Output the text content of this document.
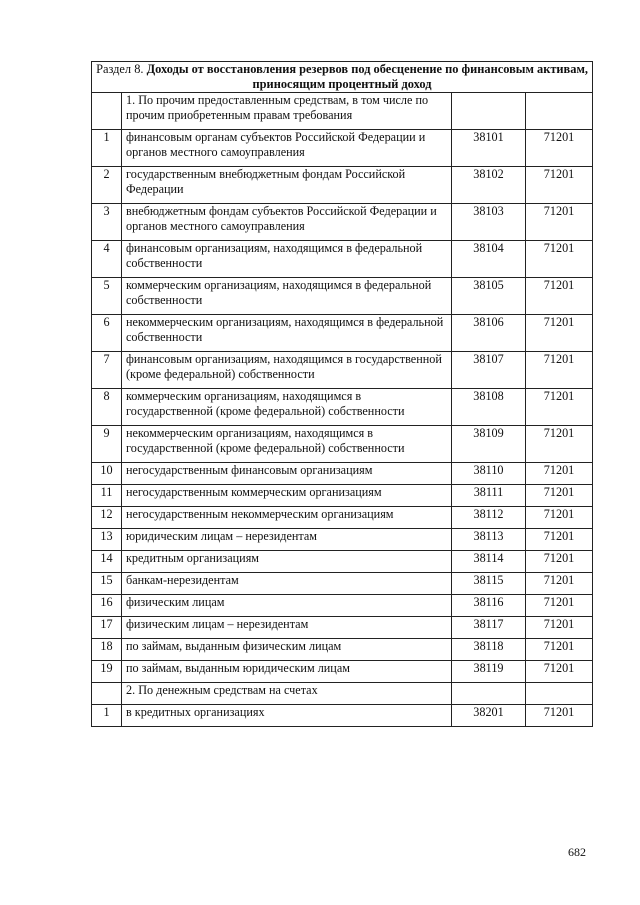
Раздел 8. Доходы от восстановления резервов под обесценение по финансовым активам, приносящим процентный доход			
	1. По прочим предоставленным средствам, в том числе по прочим приобретенным правам требования		
1	финансовым органам субъектов Российской Федерации и органов местного самоуправления	38101	71201
2	государственным внебюджетным фондам Российской Федерации	38102	71201
3	внебюджетным фондам субъектов Российской Федерации и органов местного самоуправления	38103	71201
4	финансовым организациям, находящимся в федеральной собственности	38104	71201
5	коммерческим организациям, находящимся в федеральной собственности	38105	71201
6	некоммерческим организациям, находящимся в федеральной собственности	38106	71201
7	финансовым организациям, находящимся в государственной (кроме федеральной) собственности	38107	71201
8	коммерческим организациям, находящимся в государственной (кроме федеральной) собственности	38108	71201
9	некоммерческим организациям, находящимся в государственной (кроме федеральной) собственности	38109	71201
10	негосударственным финансовым организациям	38110	71201
11	негосударственным коммерческим организациям	38111	71201
12	негосударственным некоммерческим организациям	38112	71201
13	юридическим лицам – нерезидентам	38113	71201
14	кредитным организациям	38114	71201
15	банкам-нерезидентам	38115	71201
16	физическим лицам	38116	71201
17	физическим лицам – нерезидентам	38117	71201
18	по займам, выданным физическим лицам	38118	71201
19	по займам, выданным юридическим лицам	38119	71201
	2. По денежным средствам на счетах		
1	в кредитных организациях	38201	71201
682
